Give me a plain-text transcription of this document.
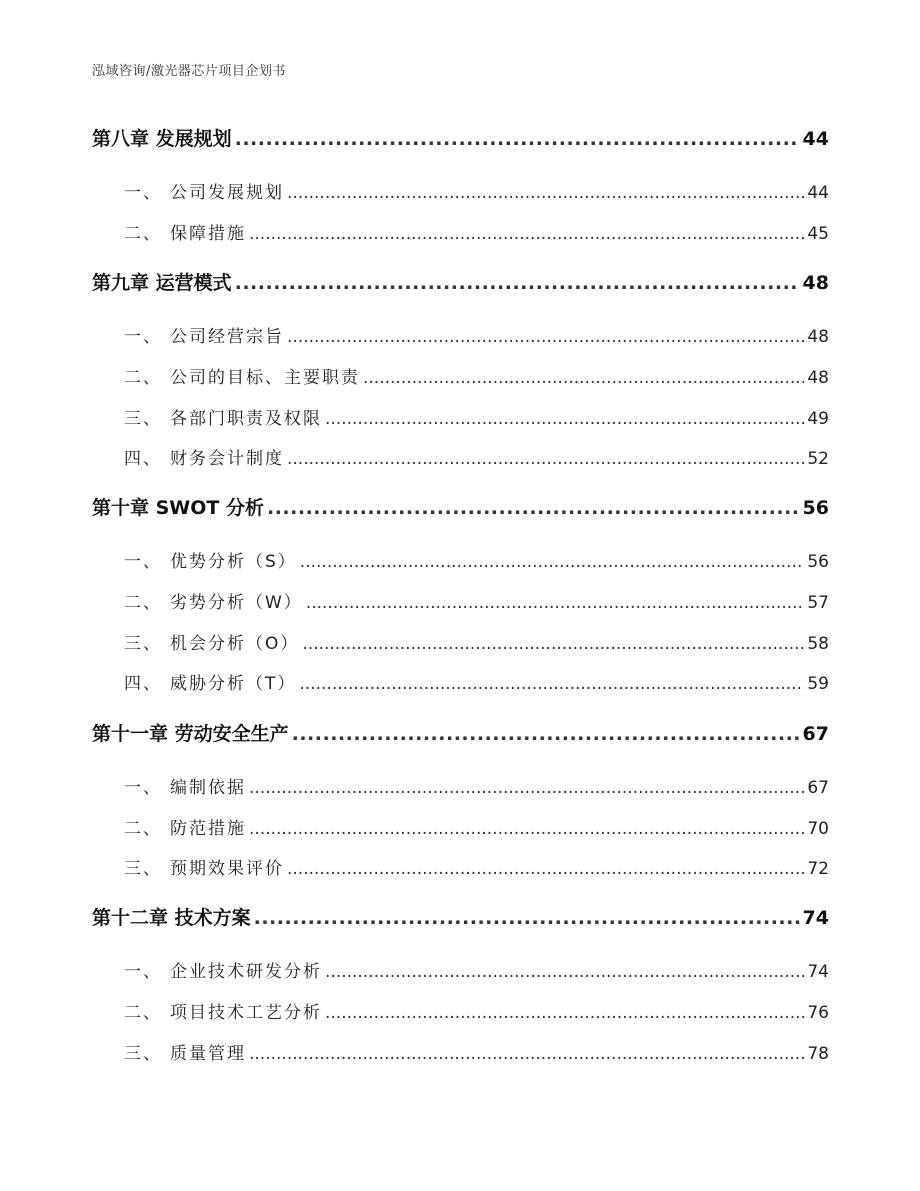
泓域咨询/激光器芯片项目企划书
第八章 发展规划 .....	44
一、 公司发展规划 .....	44
二、 保障措施 .....	45
第九章 运营模式 .....	48
一、 公司经营宗旨 .....	48
二、 公司的目标、主要职责 .....	48
三、 各部门职责及权限 .....	49
四、 财务会计制度 .....	52
第十章 SWOT 分析 .....	56
一、 优势分析（S） .....	56
二、 劣势分析（W） .....	57
三、 机会分析（O） .....	58
四、 威胁分析（T） .....	59
第十一章 劳动安全生产 .....	67
一、 编制依据 .....	67
二、 防范措施 .....	70
三、 预期效果评价 .....	72
第十二章 技术方案 .....	74
一、 企业技术研发分析 .....	74
二、 项目技术工艺分析 .....	76
三、 质量管理 .....	78
